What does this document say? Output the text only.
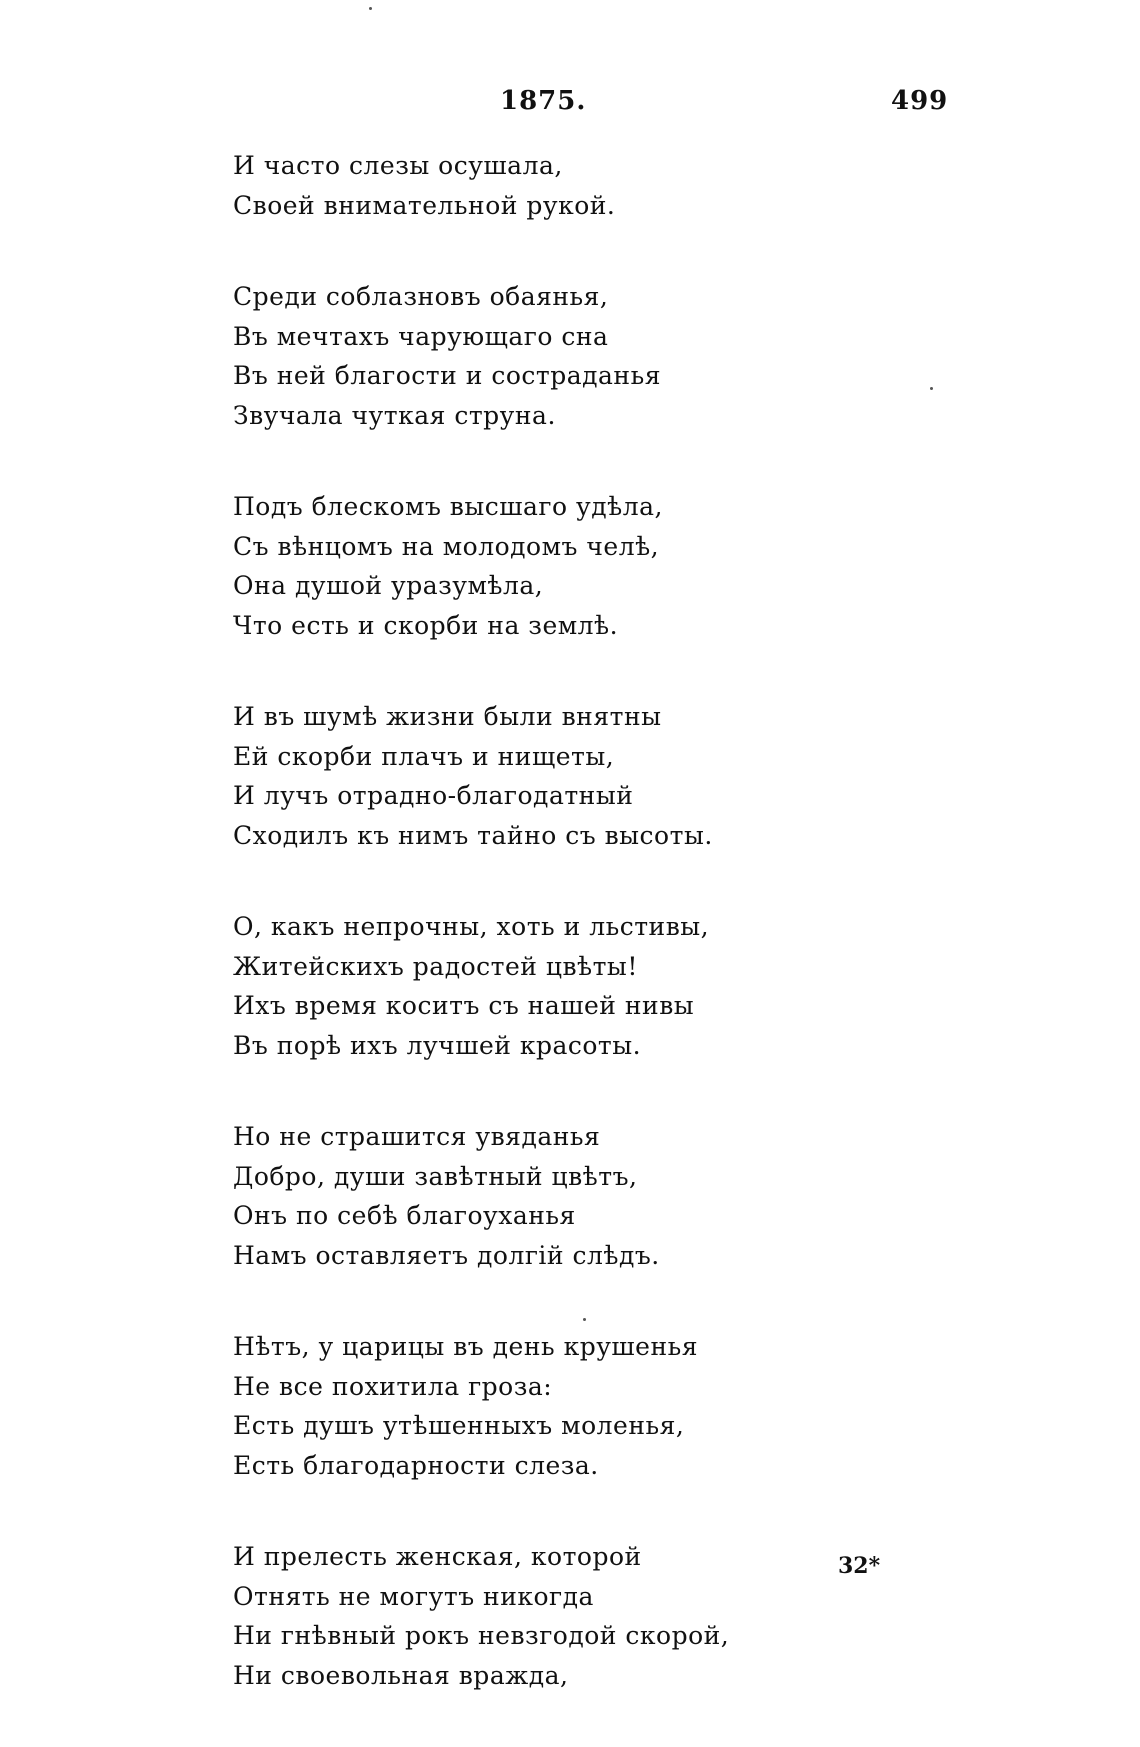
1875.	499
И часто слезы осушала,
Своей внимательной рукой.
Среди соблазновъ обаянья,
Въ мечтахъ чарующаго сна
Въ ней благости и состраданья
Звучала чуткая струна.
Подъ блескомъ высшаго удѣла,
Съ вѣнцомъ на молодомъ челѣ,
Она душой уразумѣла,
Что есть и скорби на землѣ.
И въ шумѣ жизни были внятны
Ей скорби плачъ и нищеты,
И лучъ отрадно-благодатный
Сходилъ къ нимъ тайно съ высоты.
О, какъ непрочны, хоть и льстивы,
Житейскихъ радостей цвѣты!
Ихъ время коситъ съ нашей нивы
Въ порѣ ихъ лучшей красоты.
Но не страшится увяданья
Добро, души завѣтный цвѣтъ,
Онъ по себѣ благоуханья
Намъ оставляетъ долгій слѣдъ.
Нѣтъ, у царицы въ день крушенья
Не все похитила гроза:
Есть душъ утѣшенныхъ моленья,
Есть благодарности слеза.
И прелесть женская, которой
Отнять не могутъ никогда
Ни гнѣвный рокъ невзгодой скорой,
Ни своевольная вражда,
32*
